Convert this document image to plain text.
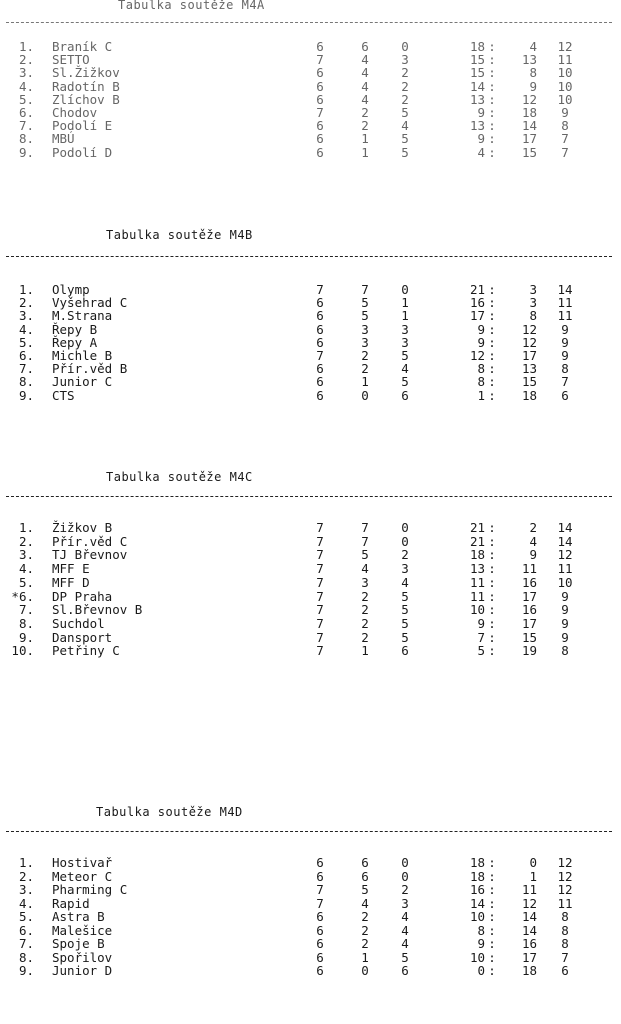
Tabulka soutěže M4A
1. Braník C	6	6	0	18 :	4	12
2. SETTO	7	4	3	15 :	13	11
3. Sl.Žižkov	6	4	2	15 :	8	10
4. Radotín B	6	4	2	14 :	9	10
5. Zlíchov B	6	4	2	13 :	12	10
6. Chodov	7	2	5	9 :	18	9
7. Podolí E	6	2	4	13 :	14	8
8. MBÚ	6	1	5	9 :	17	7
9. Podolí D	6	1	5	4 :	15	7
Tabulka soutěže M4B
1. Olymp	7	7	0	21 :	3	14
2. Vyšehrad C	6	5	1	16 :	3	11
3. M.Strana	6	5	1	17 :	8	11
4. Řepy B	6	3	3	9 :	12	9
5. Řepy A	6	3	3	9 :	12	9
6. Michle B	7	2	5	12 :	17	9
7. Přír.věd B	6	2	4	8 :	13	8
8. Junior C	6	1	5	8 :	15	7
9. CTS	6	0	6	1 :	18	6
Tabulka soutěže M4C
1. Žižkov B	7	7	0	21 :	2	14
2. Přír.věd C	7	7	0	21 :	4	14
3. TJ Břevnov	7	5	2	18 :	9	12
4. MFF E	7	4	3	13 :	11	11
5. MFF D	7	3	4	11 :	16	10
*6. DP Praha	7	2	5	11 :	17	9
7. Sl.Břevnov B	7	2	5	10 :	16	9
8. Suchdol	7	2	5	9 :	17	9
9. Dansport	7	2	5	7 :	15	9
10. Petřiny C	7	1	6	5 :	19	8
Tabulka soutěže M4D
1. Hostivař	6	6	0	18 :	0	12
2. Meteor C	6	6	0	18 :	1	12
3. Pharming C	7	5	2	16 :	11	12
4. Rapid	7	4	3	14 :	12	11
5. Astra B	6	2	4	10 :	14	8
6. Malešice	6	2	4	8 :	14	8
7. Spoje B	6	2	4	9 :	16	8
8. Spořilov	6	1	5	10 :	17	7
9. Junior D	6	0	6	0 :	18	6
